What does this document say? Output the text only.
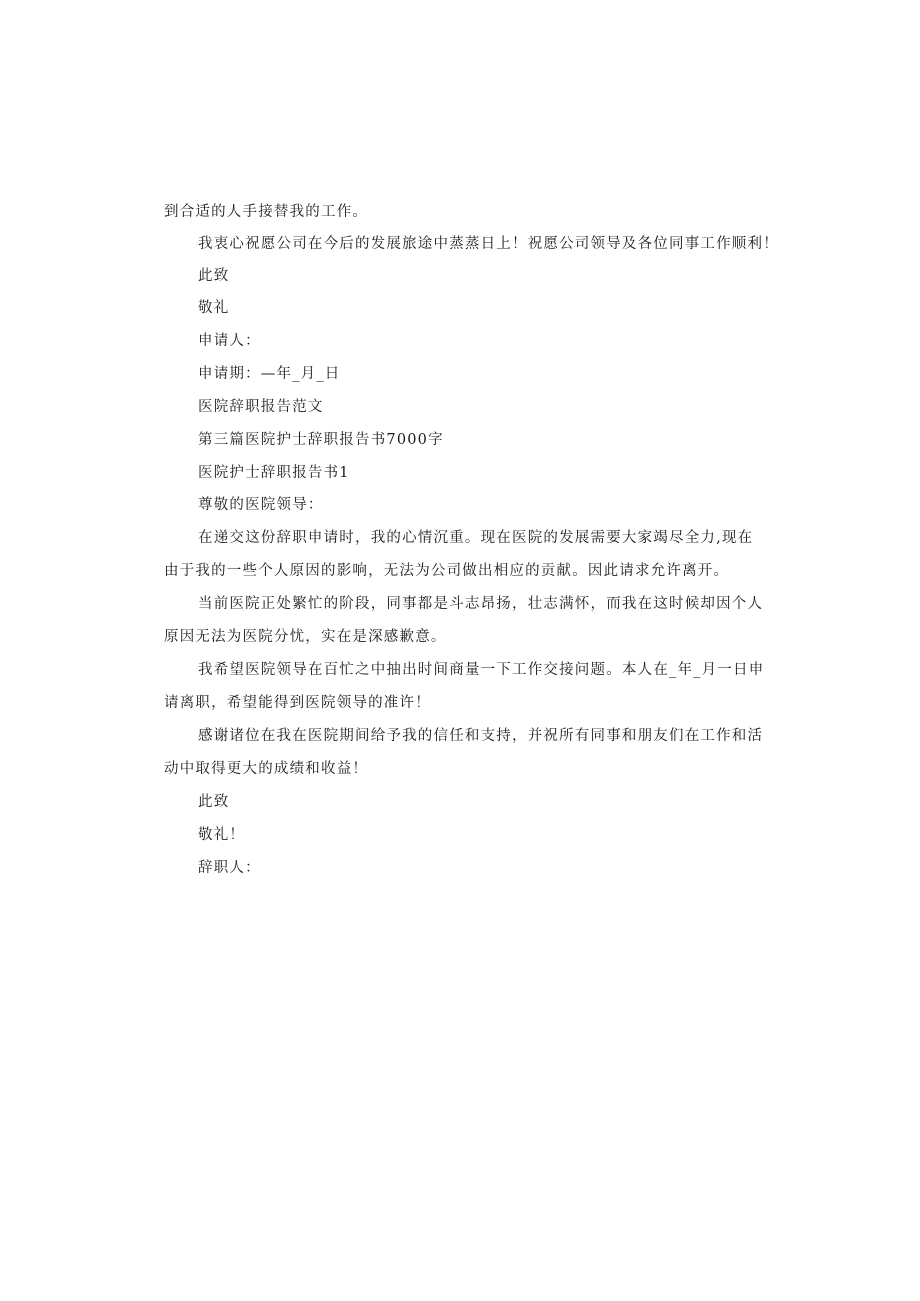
到合适的人手接替我的工作。
我衷心祝愿公司在今后的发展旅途中蒸蒸日上！祝愿公司领导及各位同事工作顺利！
此致
敬礼
申请人：
申请期：—年_月_日
医院辞职报告范文
第三篇医院护士辞职报告书7000字
医院护士辞职报告书1
尊敬的医院领导：
在递交这份辞职申请时，我的心情沉重。现在医院的发展需要大家竭尽全力,现在
由于我的一些个人原因的影响，无法为公司做出相应的贡献。因此请求允许离开。
当前医院正处繁忙的阶段，同事都是斗志昂扬，壮志满怀，而我在这时候却因个人
原因无法为医院分忧，实在是深感歉意。
我希望医院领导在百忙之中抽出时间商量一下工作交接问题。本人在_年_月一日申
请离职，希望能得到医院领导的准许！
感谢诸位在我在医院期间给予我的信任和支持，并祝所有同事和朋友们在工作和活
动中取得更大的成绩和收益！
此致
敬礼！
辞职人：
